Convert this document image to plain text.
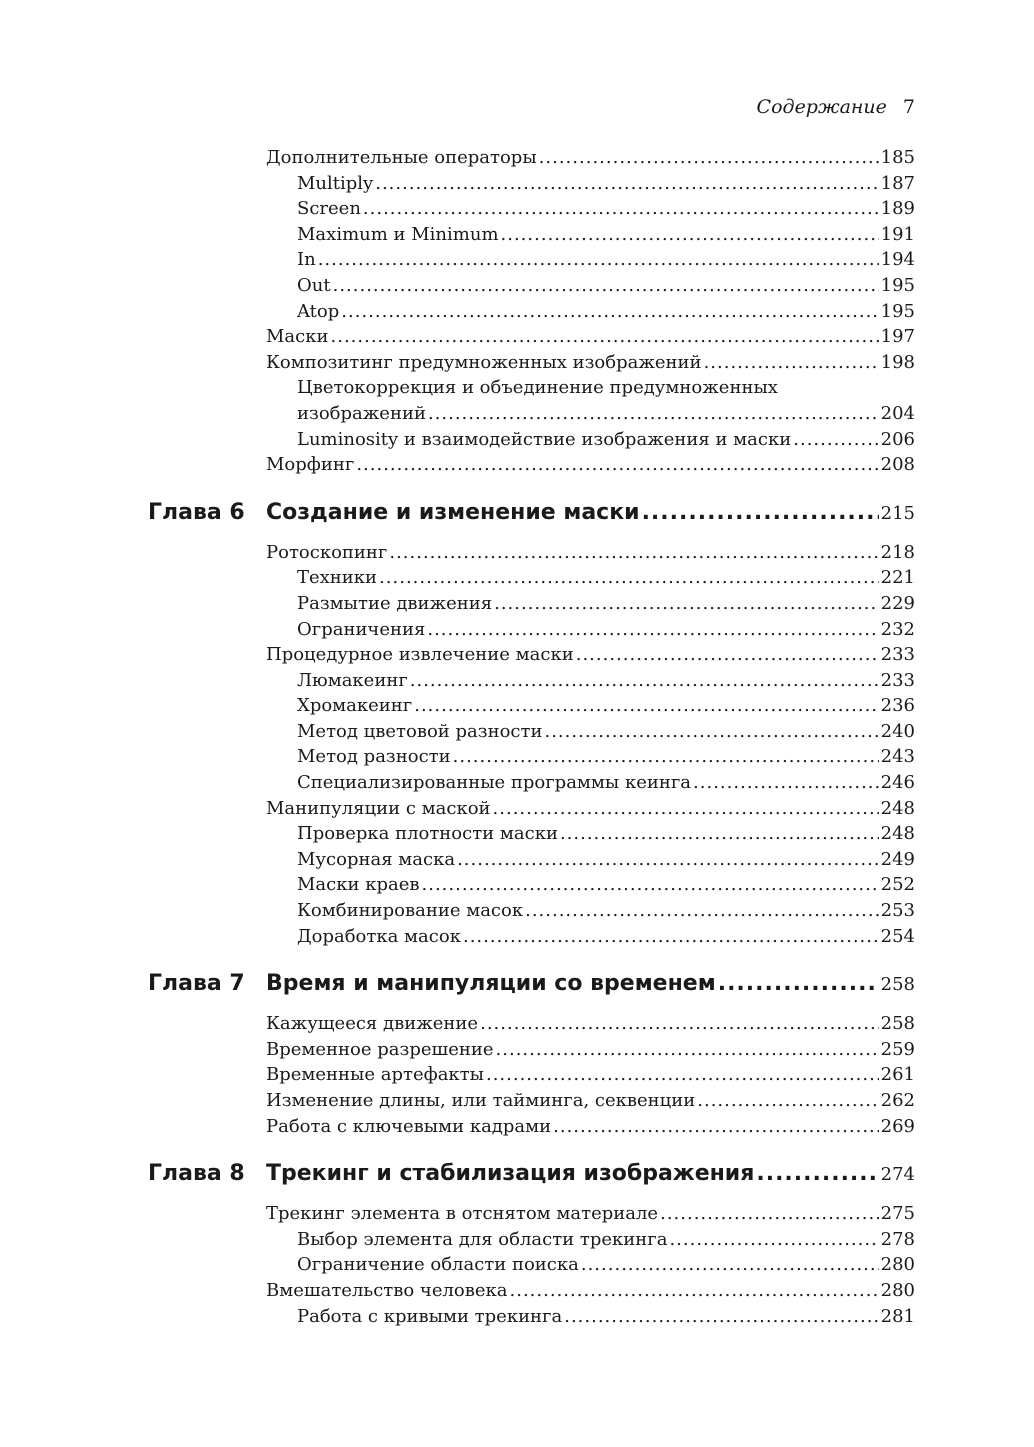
Содержание 7
Дополнительные операторы .....	185
Multiply .....	187
Screen .....	189
Maximum и Minimum .....	191
In .....	194
Out .....	195
Atop .....	195
Маски .....	197
Композитинг предумноженных изображений .....	198
Цветокоррекция и объединение предумноженных
изображений .....	204
Luminosity и взаимодействие изображения и маски .....	206
Морфинг .....	208
Глава 6 Создание и изменение маски .....	215
Ротоскопинг .....	218
Техники .....	221
Размытие движения .....	229
Ограничения .....	232
Процедурное извлечение маски .....	233
Люмакеинг .....	233
Хромакеинг .....	236
Метод цветовой разности .....	240
Метод разности .....	243
Специализированные программы кеинга .....	246
Манипуляции с маской .....	248
Проверка плотности маски .....	248
Мусорная маска .....	249
Маски краев .....	252
Комбинирование масок .....	253
Доработка масок .....	254
Глава 7 Время и манипуляции со временем .....	258
Кажущееся движение .....	258
Временное разрешение .....	259
Временные артефакты .....	261
Изменение длины, или тайминга, секвенции .....	262
Работа с ключевыми кадрами .....	269
Глава 8 Трекинг и стабилизация изображения .....	274
Трекинг элемента в отснятом материале .....	275
Выбор элемента для области трекинга .....	278
Ограничение области поиска .....	280
Вмешательство человека .....	280
Работа с кривыми трекинга .....	281
